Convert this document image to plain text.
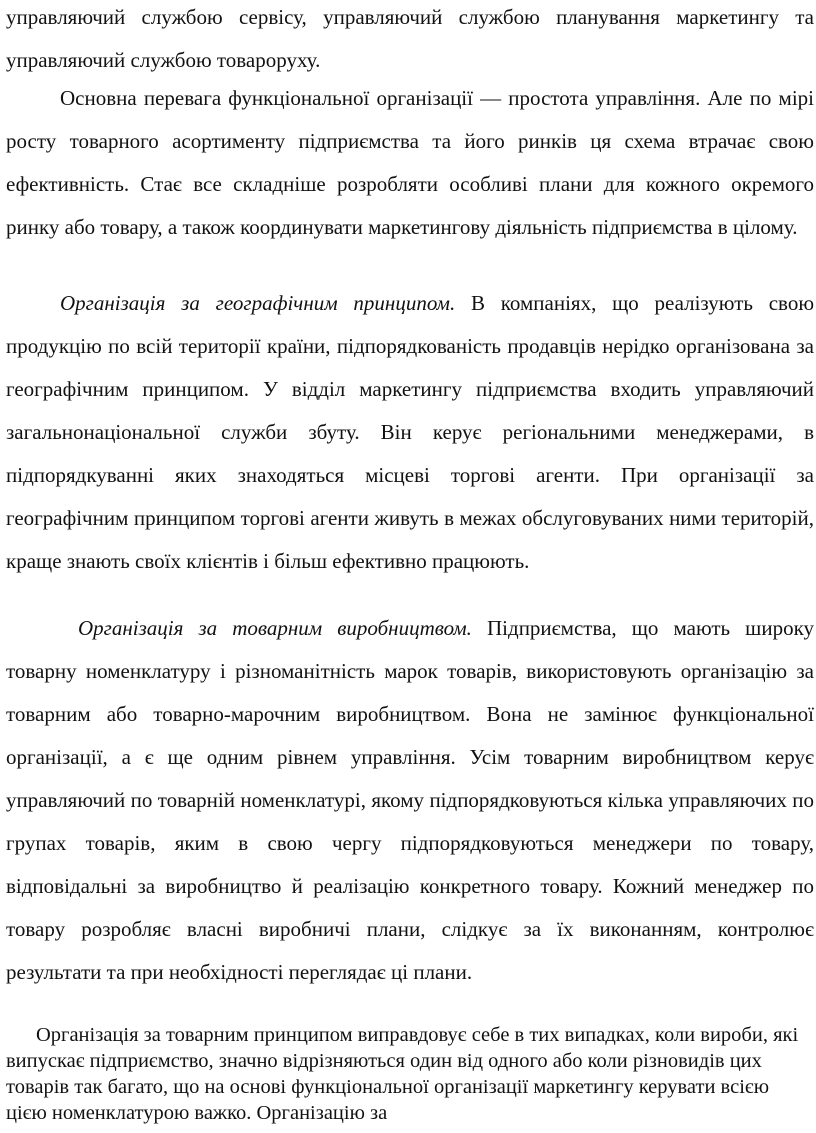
управляючий службою сервісу, управляючий службою планування маркетингу та управляючий службою товароруху.

Основна перевага функціональної організації — простота управління. Але по мірі росту товарного асортименту підприємства та його ринків ця схема втрачає свою ефективність. Стає все складніше розробляти особливі плани для кожного окремого ринку або товару, а також координувати маркетингову діяльність підприємства в цілому.

Організація за географічним принципом. В компаніях, що реалізують свою продукцію по всій території країни, підпорядкованість продавців нерідко організована за географічним принципом. У відділ маркетингу підприємства входить управляючий загальнонаціональної служби збуту. Він керує регіональними менеджерами, в підпорядкуванні яких знаходяться місцеві торгові агенти. При організації за географічним принципом торгові агенти живуть в межах обслуговуваних ними територій, краще знають своїх клієнтів і більш ефективно працюють.

Організація за товарним виробництвом. Підприємства, що мають широку товарну номенклатуру і різноманітність марок товарів, використовують організацію за товарним або товарно-марочним виробництвом. Вона не замінює функціональної організації, а є ще одним рівнем управління. Усім товарним виробництвом керує управляючий по товарній номенклатурі, якому підпорядковуються кілька управляючих по групах товарів, яким в свою чергу підпорядковуються менеджери по товару, відповідальні за виробництво й реалізацію конкретного товару. Кожний менеджер по товару розробляє власні виробничі плани, слідкує за їх виконанням, контролює результати та при необхідності переглядає ці плани.

Організація за товарним принципом виправдовує себе в тих випадках, коли вироби, які випускає підприємство, значно відрізняються один від одного або коли різновидів цих товарів так багато, що на основі функціональної організації маркетингу керувати всією цією номенклатурою важко. Організацію за
